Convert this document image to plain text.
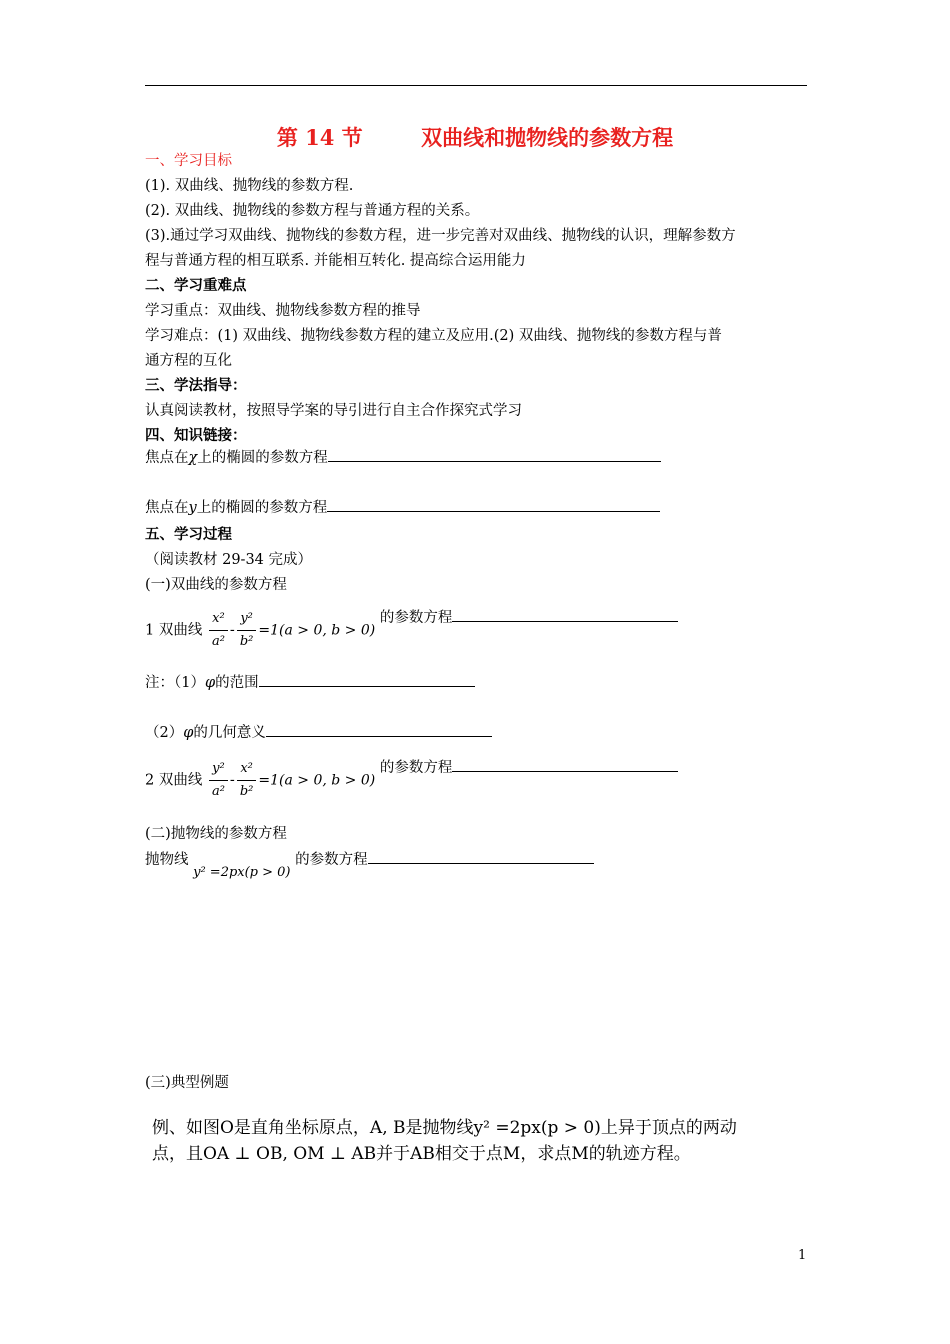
第 14 节        双曲线和抛物线的参数方程
一、学习目标
(1). 双曲线、抛物线的参数方程.
(2). 双曲线、抛物线的参数方程与普通方程的关系。
(3).通过学习双曲线、抛物线的参数方程，进一步完善对双曲线、抛物线的认识，理解参数方
程与普通方程的相互联系. 并能相互转化. 提高综合运用能力
二、学习重难点
学习重点：双曲线、抛物线参数方程的推导
学习难点：(1) 双曲线、抛物线参数方程的建立及应用.(2) 双曲线、抛物线的参数方程与普
通方程的互化
三、学法指导：
认真阅读教材，按照导学案的导引进行自主合作探究式学习
四、知识链接：
焦点在χ上的椭圆的参数方程
焦点在y上的椭圆的参数方程
五、学习过程
（阅读教材 29-34 完成）
(一)双曲线的参数方程
1 双曲线 $\frac{\text{x²}}{\text{a²}} - \frac{\text{y²}}{\text{b²}} =1(a > 0$, b > 0) 的参数方程
注：（1）φ的范围
（2）φ的几何意义
2 双曲线 $\frac{\text{y²}}{\text{a²}} - \frac{\text{x²}}{\text{b²}} =1(a > 0$, b > 0) 的参数方程
(二)抛物线的参数方程
抛物线 y² =2px(p > 0) 的参数方程
(三)典型例题
例、如图O是直角坐标原点，A, B是抛物线y² =2px(p > 0)上异于顶点的两动
点，且OA ⊥ OB, OM ⊥ AB并于AB相交于点M，求点M的轨迹方程。
1
